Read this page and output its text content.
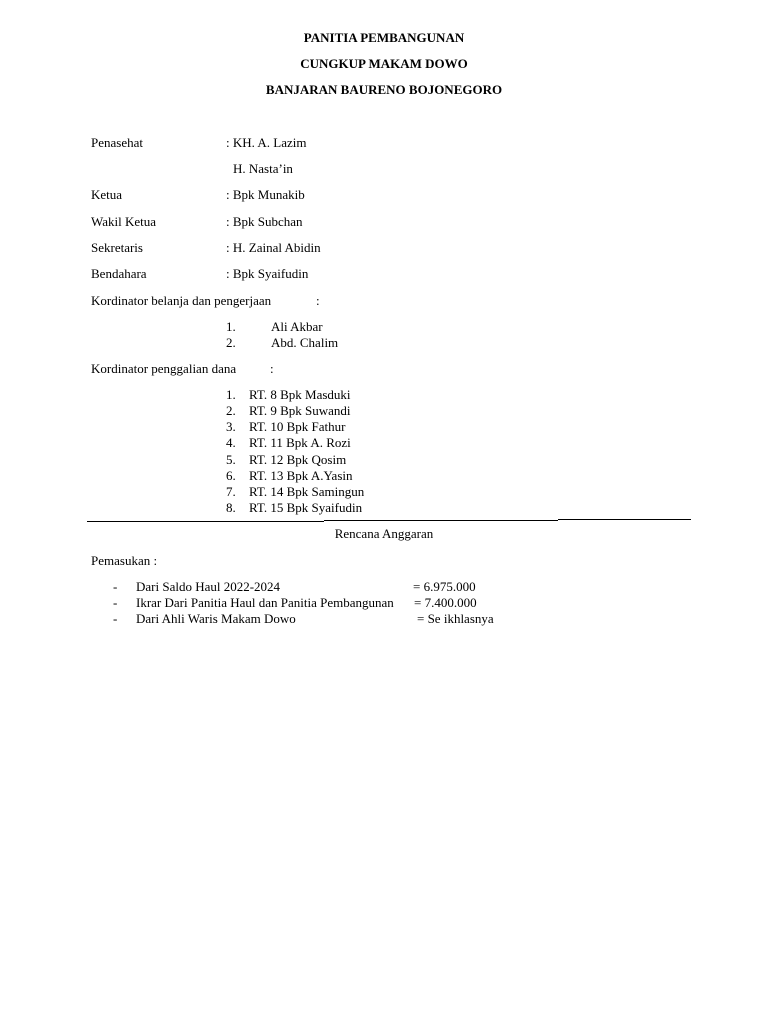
PANITIA PEMBANGUNAN
CUNGKUP MAKAM DOWO
BANJARAN BAURENO BOJONEGORO
Penasehat	: KH. A. Lazim
H. Nasta’in
Ketua	: Bpk Munakib
Wakil Ketua	: Bpk Subchan
Sekretaris	: H. Zainal Abidin
Bendahara	: Bpk Syaifudin
Kordinator belanja dan pengerjaan	:
1.	Ali Akbar
2.	Abd. Chalim
Kordinator penggalian dana	:
1. RT. 8 Bpk Masduki
2. RT. 9 Bpk Suwandi
3. RT. 10 Bpk Fathur
4. RT. 11 Bpk A. Rozi
5. RT. 12 Bpk Qosim
6. RT. 13 Bpk A.Yasin
7. RT. 14 Bpk Samingun
8. RT. 15 Bpk Syaifudin
Rencana Anggaran
Pemasukan :
- Dari Saldo Haul 2022-2024	= 6.975.000
- Ikrar Dari Panitia Haul dan Panitia Pembangunan = 7.400.000
- Dari Ahli Waris Makam Dowo	= Se ikhlasnya
